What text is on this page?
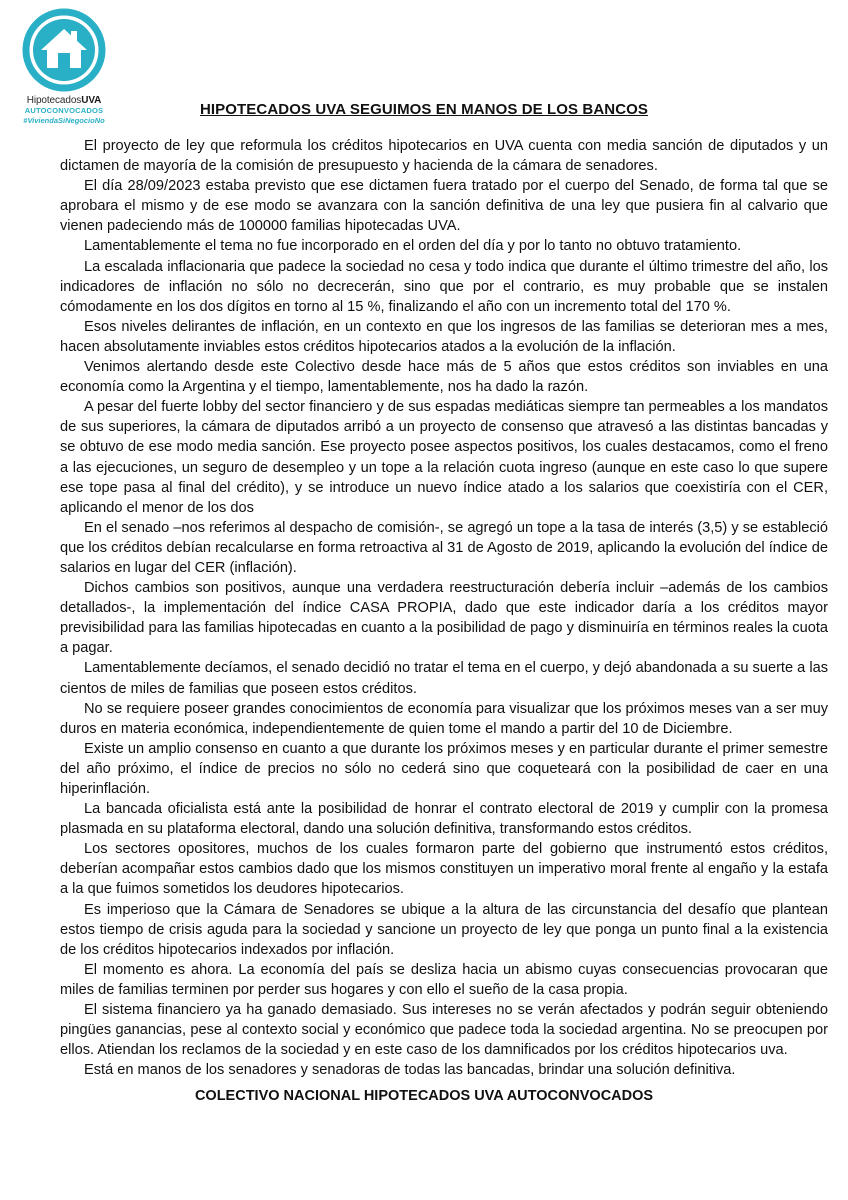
HipotecadosUVA
AUTOCONVOCADOS
#ViviendaSiNegocioNo
HIPOTECADOS UVA SEGUIMOS EN MANOS DE LOS BANCOS

El proyecto de ley que reformula los créditos hipotecarios en UVA cuenta con media sanción de diputados y un dictamen de mayoría de la comisión de presupuesto y hacienda de la cámara de senadores.

El día 28/09/2023 estaba previsto que ese dictamen fuera tratado por el cuerpo del Senado, de forma tal que se aprobara el mismo y de ese modo se avanzara con la sanción definitiva de una ley que pusiera fin al calvario que vienen padeciendo más de 100000 familias hipotecadas UVA.

Lamentablemente el tema no fue incorporado en el orden del día y por lo tanto no obtuvo tratamiento.

La escalada inflacionaria que padece la sociedad no cesa y todo indica que durante el último trimestre del año, los indicadores de inflación no sólo no decrecerán, sino que por el contrario, es muy probable que se instalen cómodamente en los dos dígitos en torno al 15 %, finalizando el año con un incremento total del 170 %.

Esos niveles delirantes de inflación, en un contexto en que los ingresos de las familias se deterioran mes a mes, hacen absolutamente inviables estos créditos hipotecarios atados a la evolución de la inflación.

Venimos alertando desde este Colectivo desde hace más de 5 años que estos créditos son inviables en una economía como la Argentina y el tiempo, lamentablemente, nos ha dado la razón.

A pesar del fuerte lobby del sector financiero y de sus espadas mediáticas siempre tan permeables a los mandatos de sus superiores, la cámara de diputados arribó a un proyecto de consenso que atravesó a las distintas bancadas y se obtuvo de ese modo media sanción. Ese proyecto posee aspectos positivos, los cuales destacamos, como el freno a las ejecuciones, un seguro de desempleo y un tope a la relación cuota ingreso (aunque en este caso lo que supere ese tope pasa al final del crédito), y se introduce un nuevo índice atado a los salarios que coexistiría con el CER, aplicando el menor de los dos

En el senado –nos referimos al despacho de comisión-, se agregó un tope a la tasa de interés (3,5) y se estableció que los créditos debían recalcularse en forma retroactiva al 31 de Agosto de 2019, aplicando la evolución del índice de salarios en lugar del CER (inflación).

Dichos cambios son positivos, aunque una verdadera reestructuración debería incluir –además de los cambios detallados-, la implementación del índice CASA PROPIA, dado que este indicador daría a los créditos mayor previsibilidad para las familias hipotecadas en cuanto a la posibilidad de pago y disminuiría en términos reales la cuota a pagar.

Lamentablemente decíamos, el senado decidió no tratar el tema en el cuerpo, y dejó abandonada a su suerte a las cientos de miles de familias que poseen estos créditos.

No se requiere poseer grandes conocimientos de economía para visualizar que los próximos meses van a ser muy duros en materia económica, independientemente de quien tome el mando a partir del 10 de Diciembre.

Existe un amplio consenso en cuanto a que durante los próximos meses y en particular durante el primer semestre del año próximo, el índice de precios no sólo no cederá sino que coqueteará con la posibilidad de caer en una hiperinflación.

La bancada oficialista está ante la posibilidad de honrar el contrato electoral de 2019 y cumplir con la promesa plasmada en su plataforma electoral, dando una solución definitiva, transformando estos créditos.

Los sectores opositores, muchos de los cuales formaron parte del gobierno que instrumentó estos créditos, deberían acompañar estos cambios dado que los mismos constituyen un imperativo moral frente al engaño y la estafa a la que fuimos sometidos los deudores hipotecarios.

Es imperioso que la Cámara de Senadores se ubique a la altura de las circunstancia del desafío que plantean estos tiempo de crisis aguda para la sociedad y sancione un proyecto de ley que ponga un punto final a la existencia de los créditos hipotecarios indexados por inflación.

El momento es ahora. La economía del país se desliza hacia un abismo cuyas consecuencias provocaran que miles de familias terminen por perder sus hogares y con ello el sueño de la casa propia.

El sistema financiero ya ha ganado demasiado. Sus intereses no se verán afectados y podrán seguir obteniendo pingües ganancias, pese al contexto social y económico que padece toda la sociedad argentina. No se preocupen por ellos. Atiendan los reclamos de la sociedad y en este caso de los damnificados por los créditos hipotecarios uva.

Está en manos de los senadores y senadoras de todas las bancadas, brindar una solución definitiva.

COLECTIVO NACIONAL HIPOTECADOS UVA AUTOCONVOCADOS
